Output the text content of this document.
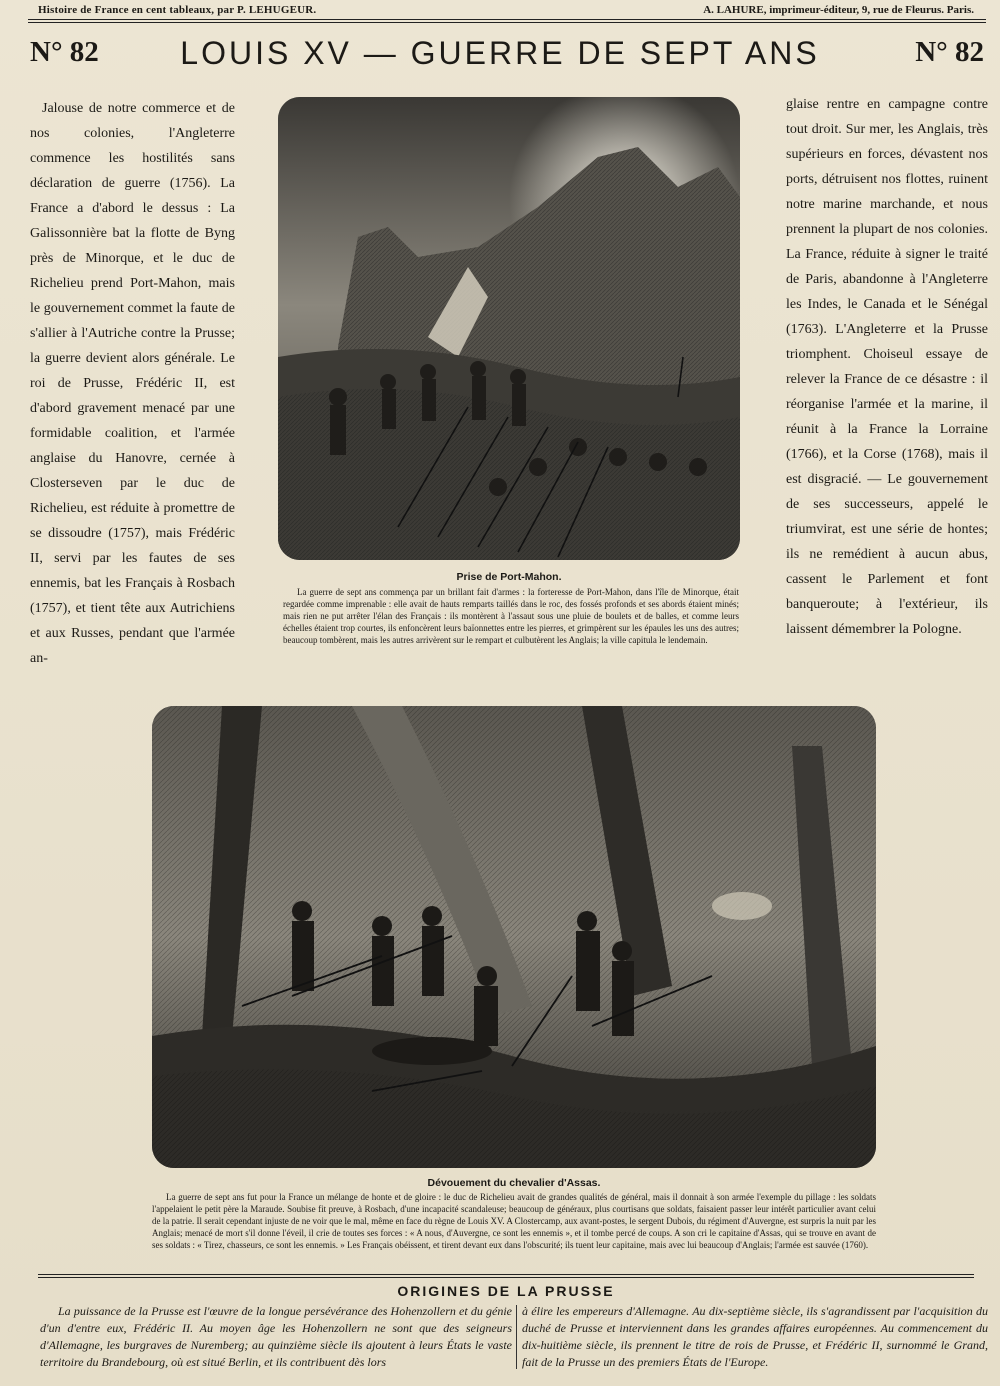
Histoire de France en cent tableaux, par P. LEHUGEUR.	A. LAHURE, imprimeur-éditeur, 9, rue de Fleurus. Paris.
N° 82	LOUIS XV — GUERRE DE SEPT ANS	N° 82

Jalouse de notre commerce et de nos colonies, l'Angleterre commence les hostilités sans déclaration de guerre (1756). La France a d'abord le dessus : La Galissonnière bat la flotte de Byng près de Minorque, et le duc de Richelieu prend Port-Mahon, mais le gouvernement commet la faute de s'allier à l'Autriche contre la Prusse; la guerre devient alors générale. Le roi de Prusse, Frédéric II, est d'abord gravement menacé par une formidable coalition, et l'armée anglaise du Hanovre, cernée à Closterseven par le duc de Richelieu, est réduite à promettre de se dissoudre (1757), mais Frédéric II, servi par les fautes de ses ennemis, bat les Français à Rosbach (1757), et tient tête aux Autrichiens et aux Russes, pendant que l'armée an-

glaise rentre en campagne contre tout droit. Sur mer, les Anglais, très supérieurs en forces, dévastent nos ports, détruisent nos flottes, ruinent notre marine marchande, et nous prennent la plupart de nos colonies. La France, réduite à signer le traité de Paris, abandonne à l'Angleterre les Indes, le Canada et le Sénégal (1763). L'Angleterre et la Prusse triomphent. Choiseul essaye de relever la France de ce désastre : il réorganise l'armée et la marine, il réunit à la France la Lorraine (1766), et la Corse (1768), mais il est disgracié. — Le gouvernement de ses successeurs, appelé le triumvirat, est une série de hontes; ils ne remédient à aucun abus, cassent le Parlement et font banqueroute; à l'extérieur, ils laissent démembrer la Pologne.

Prise de Port-Mahon.
La guerre de sept ans commença par un brillant fait d'armes : la forteresse de Port-Mahon, dans l'île de Minorque, était regardée comme imprenable : elle avait de hauts remparts taillés dans le roc, des fossés profonds et ses abords étaient minés; mais rien ne put arrêter l'élan des Français : ils montèrent à l'assaut sous une pluie de boulets et de balles, et comme leurs échelles étaient trop courtes, ils enfoncèrent leurs baïonnettes entre les pierres, et grimpèrent sur les épaules les uns des autres; beaucoup tombèrent, mais les autres arrivèrent sur le rempart et culbutèrent les Anglais; la ville capitula le lendemain.
Dévouement du chevalier d'Assas.
La guerre de sept ans fut pour la France un mélange de honte et de gloire : le duc de Richelieu avait de grandes qualités de général, mais il donnait à son armée l'exemple du pillage : les soldats l'appelaient le petit père la Maraude. Soubise fit preuve, à Rosbach, d'une incapacité scandaleuse; beaucoup de généraux, plus courtisans que soldats, faisaient passer leur intérêt particulier avant celui de la patrie. Il serait cependant injuste de ne voir que le mal, même en face du règne de Louis XV. A Clostercamp, aux avant-postes, le sergent Dubois, du régiment d'Auvergne, est surpris la nuit par les Anglais; menacé de mort s'il donne l'éveil, il crie de toutes ses forces : « A nous, d'Auvergne, ce sont les ennemis », et il tombe percé de coups. A son cri le capitaine d'Assas, qui se trouve en avant de ses soldats : « Tirez, chasseurs, ce sont les ennemis. » Les Français obéissent, et tirent devant eux dans l'obscurité; ils tuent leur capitaine, mais avec lui beaucoup d'Anglais; l'armée est sauvée (1760).
ORIGINES DE LA PRUSSE
La puissance de la Prusse est l'œuvre de la longue persévérance des Hohenzollern et du génie d'un d'entre eux, Frédéric II. Au moyen âge les Hohenzollern ne sont que des seigneurs d'Allemagne, les burgraves de Nuremberg; au quinzième siècle ils ajoutent à leurs États le vaste territoire du Brandebourg, où est situé Berlin, et ils contribuent dès lors
à élire les empereurs d'Allemagne. Au dix-septième siècle, ils s'agrandissent par l'acquisition du duché de Prusse et interviennent dans les grandes affaires européennes. Au commencement du dix-huitième siècle, ils prennent le titre de rois de Prusse, et Frédéric II, surnommé le Grand, fait de la Prusse un des premiers États de l'Europe.
